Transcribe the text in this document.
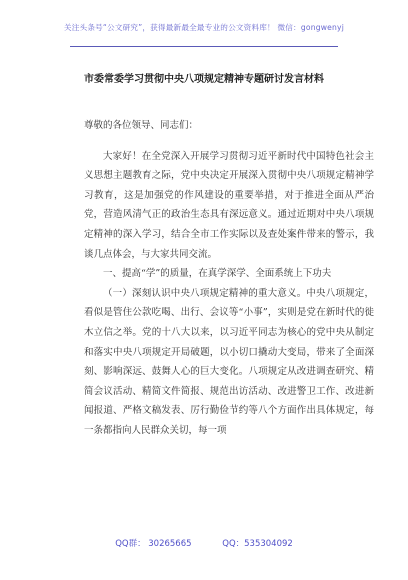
关注头条号“公文研究”，获得最新最全最专业的公文资料库！ 微信：gongwenyj
市委常委学习贯彻中央八项规定精神专题研讨发言材料

尊敬的各位领导、同志们：

大家好！在全党深入开展学习贯彻习近平新时代中国特色社会主义思想主题教育之际，党中央决定开展深入贯彻中央八项规定精神学习教育，这是加强党的作风建设的重要举措，对于推进全面从严治党，营造风清气正的政治生态具有深远意义。通过近期对中央八项规定精神的深入学习，结合全市工作实际以及查处案件带来的警示，我谈几点体会，与大家共同交流。

一、提高“学”的质量，在真学深学、全面系统上下功夫

（一）深刻认识中央八项规定精神的重大意义。中央八项规定，看似是管住公款吃喝、出行、会议等“小事”，实则是党在新时代的徙木立信之举。党的十八大以来，以习近平同志为核心的党中央从制定和落实中央八项规定开局破题，以小切口撬动大变局，带来了全面深刻、影响深远、鼓舞人心的巨大变化。八项规定从改进调查研究、精简会议活动、精简文件简报、规范出访活动、改进警卫工作、改进新闻报道、严格文稿发表、厉行勤俭节约等八个方面作出具体规定，每一条都指向人民群众关切，每一项

QQ群： 30265665	QQ：535304092
